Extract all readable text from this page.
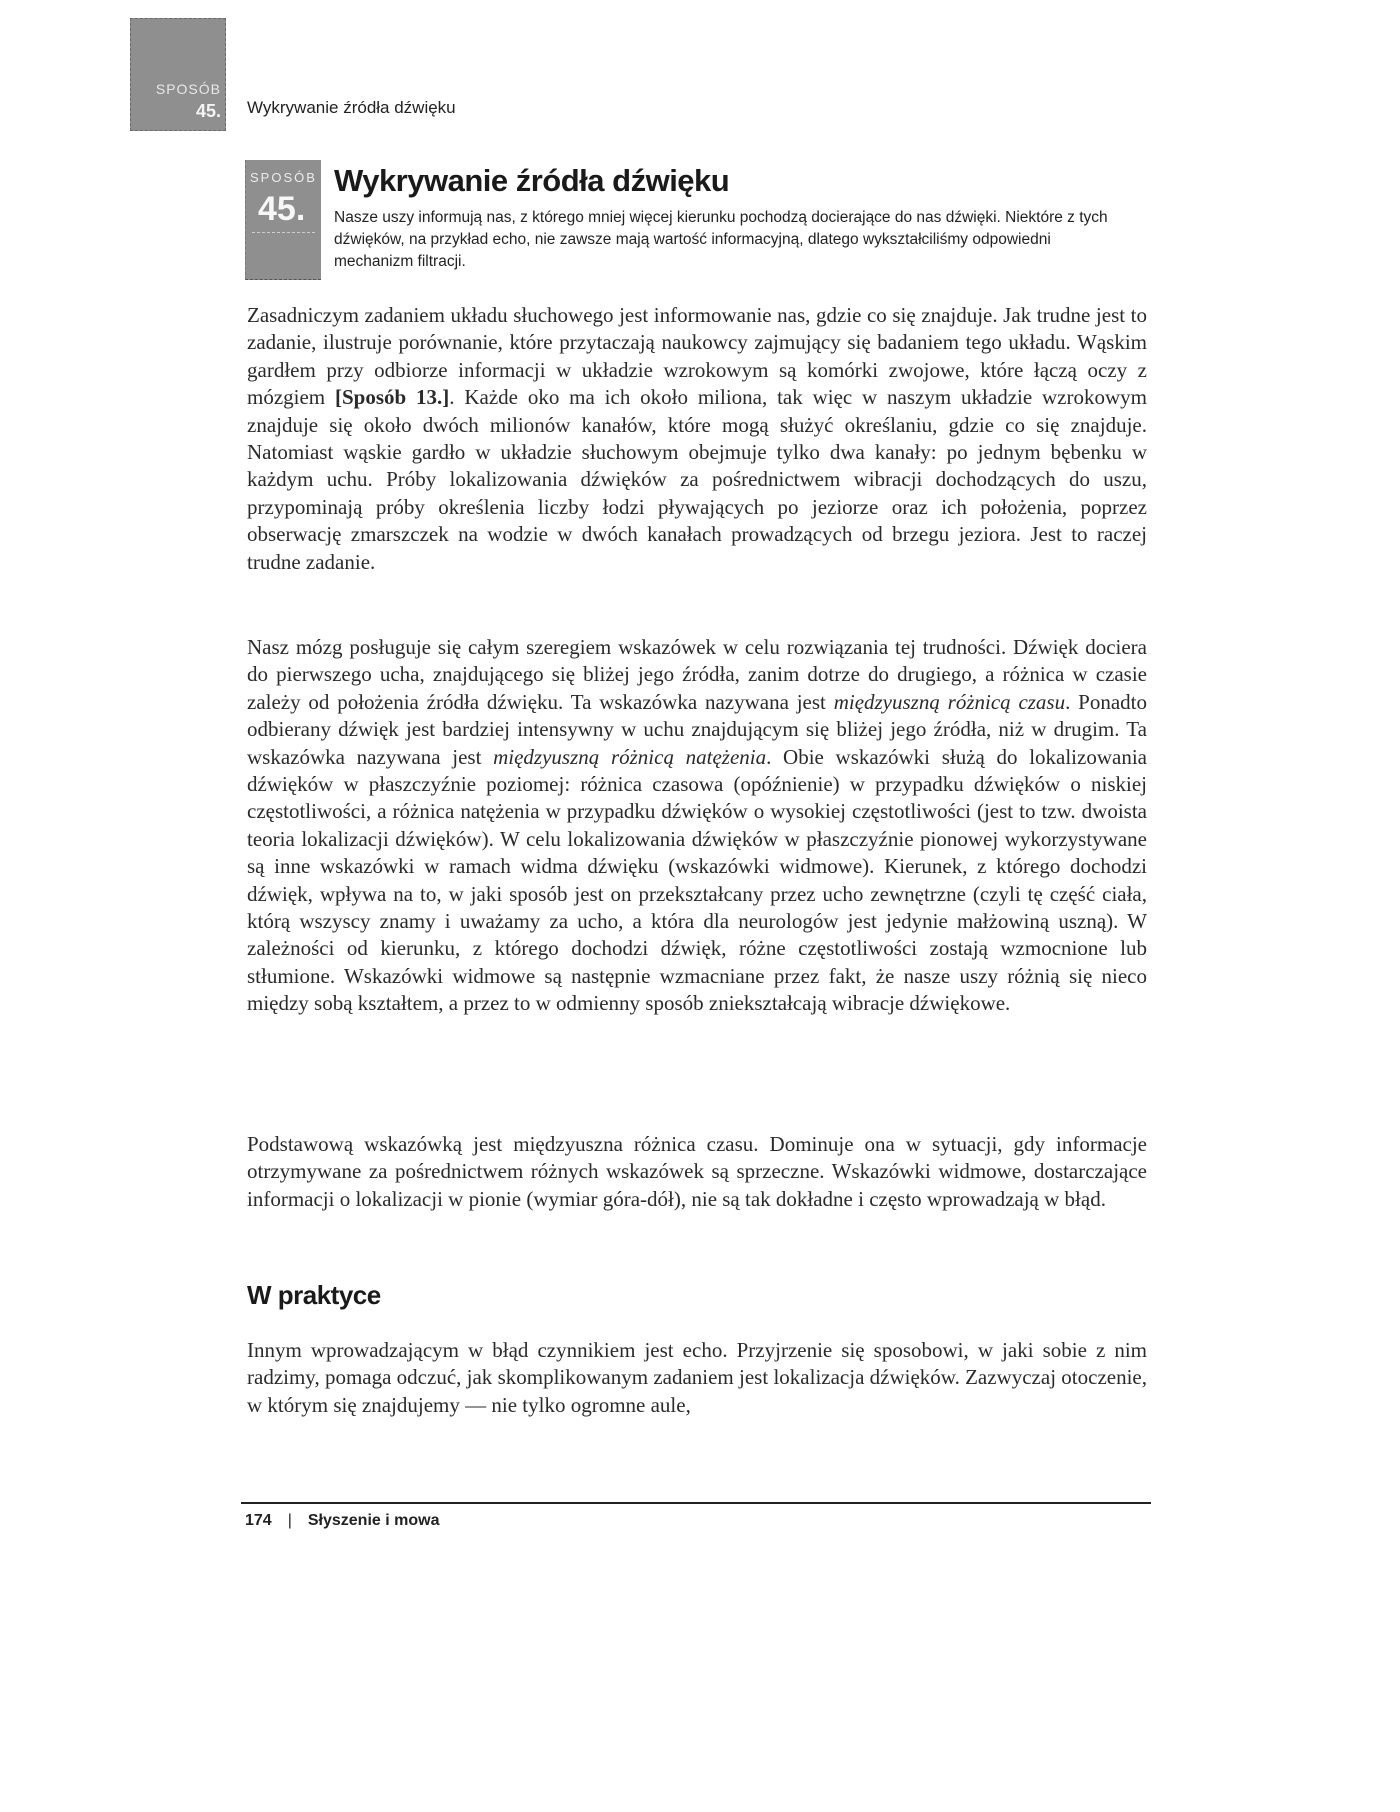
SPOSÓB
45. Wykrywanie źródła dźwięku
SPOSÓB
45.
Wykrywanie źródła dźwięku

Nasze uszy informują nas, z którego mniej więcej kierunku pochodzą docierające do nas dźwięki. Niektóre z tych dźwięków, na przykład echo, nie zawsze mają wartość informacyjną, dlatego wykształciliśmy odpowiedni mechanizm filtracji.

Zasadniczym zadaniem układu słuchowego jest informowanie nas, gdzie co się znajduje. Jak trudne jest to zadanie, ilustruje porównanie, które przytaczają naukowcy zajmujący się badaniem tego układu. Wąskim gardłem przy odbiorze informacji w układzie wzrokowym są komórki zwojowe, które łączą oczy z mózgiem [Sposób 13.]. Każde oko ma ich około miliona, tak więc w naszym układzie wzrokowym znajduje się około dwóch milionów kanałów, które mogą służyć określaniu, gdzie co się znajduje. Natomiast wąskie gardło w układzie słuchowym obejmuje tylko dwa kanały: po jednym bębenku w każdym uchu. Próby lokalizowania dźwięków za pośrednictwem wibracji dochodzących do uszu, przypominają próby określenia liczby łodzi pływających po jeziorze oraz ich położenia, poprzez obserwację zmarszczek na wodzie w dwóch kanałach prowadzących od brzegu jeziora. Jest to raczej trudne zadanie.

Nasz mózg posługuje się całym szeregiem wskazówek w celu rozwiązania tej trudności. Dźwięk dociera do pierwszego ucha, znajdującego się bliżej jego źródła, zanim dotrze do drugiego, a różnica w czasie zależy od położenia źródła dźwięku. Ta wskazówka nazywana jest międzyuszną różnicą czasu. Ponadto odbierany dźwięk jest bardziej intensywny w uchu znajdującym się bliżej jego źródła, niż w drugim. Ta wskazówka nazywana jest międzyuszną różnicą natężenia. Obie wskazówki służą do lokalizowania dźwięków w płaszczyźnie poziomej: różnica czasowa (opóźnienie) w przypadku dźwięków o niskiej częstotliwości, a różnica natężenia w przypadku dźwięków o wysokiej częstotliwości (jest to tzw. dwoista teoria lokalizacji dźwięków). W celu lokalizowania dźwięków w płaszczyźnie pionowej wykorzystywane są inne wskazówki w ramach widma dźwięku (wskazówki widmowe). Kierunek, z którego dochodzi dźwięk, wpływa na to, w jaki sposób jest on przekształcany przez ucho zewnętrzne (czyli tę część ciała, którą wszyscy znamy i uważamy za ucho, a która dla neurologów jest jedynie małżowiną uszną). W zależności od kierunku, z którego dochodzi dźwięk, różne częstotliwości zostają wzmocnione lub stłumione. Wskazówki widmowe są następnie wzmacniane przez fakt, że nasze uszy różnią się nieco między sobą kształtem, a przez to w odmienny sposób zniekształcają wibracje dźwiękowe.

Podstawową wskazówką jest międzyuszna różnica czasu. Dominuje ona w sytuacji, gdy informacje otrzymywane za pośrednictwem różnych wskazówek są sprzeczne. Wskazówki widmowe, dostarczające informacji o lokalizacji w pionie (wymiar góra-dół), nie są tak dokładne i często wprowadzają w błąd.

W praktyce

Innym wprowadzającym w błąd czynnikiem jest echo. Przyjrzenie się sposobowi, w jaki sobie z nim radzimy, pomaga odczuć, jak skomplikowanym zadaniem jest lokalizacja dźwięków. Zazwyczaj otoczenie, w którym się znajdujemy — nie tylko ogromne aule,

174 | Słyszenie i mowa
